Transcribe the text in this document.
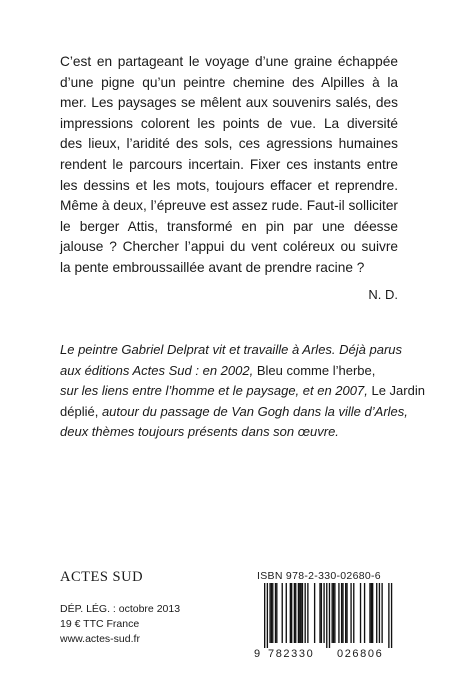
C’est en partageant le voyage d’une graine échappée
d’une pigne qu’un peintre chemine des Alpilles à la
mer. Les paysages se mêlent aux souvenirs salés, des
impressions colorent les points de vue. La diversité
des lieux, l’aridité des sols, ces agressions humaines
rendent le parcours incertain. Fixer ces instants entre
les dessins et les mots, toujours effacer et reprendre.
Même à deux, l’épreuve est assez rude. Faut-il solliciter
le berger Attis, transformé en pin par une déesse
jalouse ? Chercher l’appui du vent coléreux ou suivre
la pente embroussaillée avant de prendre racine ?
N. D.
Le peintre Gabriel Delprat vit et travaille à Arles. Déjà parus
aux éditions Actes Sud : en 2002, Bleu comme l’herbe,
sur les liens entre l’homme et le paysage, et en 2007, Le Jardin
déplié, autour du passage de Van Gogh dans la ville d’Arles,
deux thèmes toujours présents dans son œuvre.
ACTES SUD
DÉP. LÉG. : octobre 2013
19 € TTC France
www.actes-sud.fr
ISBN 978-2-330-02680-6
9 782330 026806
